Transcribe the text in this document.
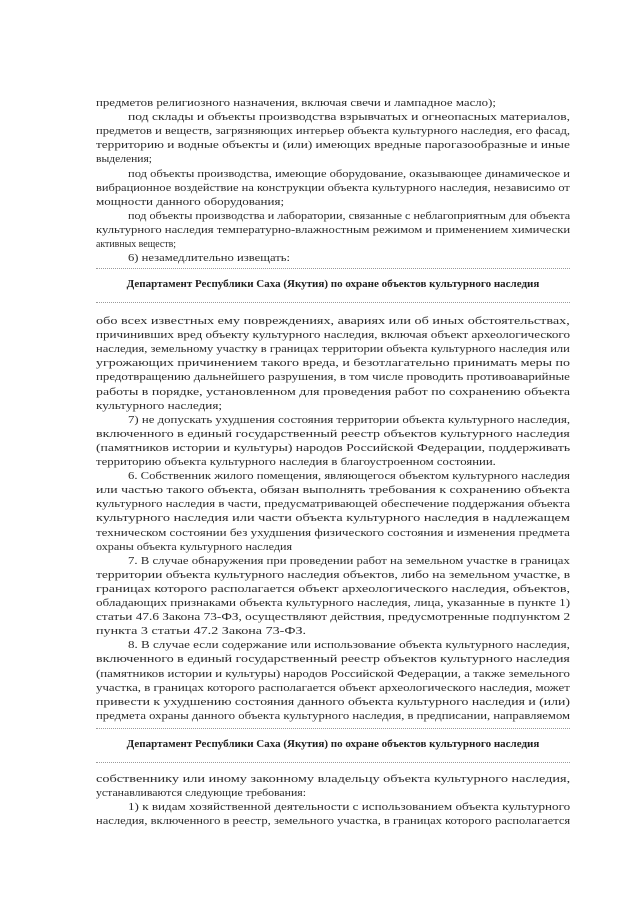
предметов религиозного назначения, включая свечи и лампадное масло);
под склады и объекты производства взрывчатых и огнеопасных материалов,
предметов и веществ, загрязняющих интерьер объекта культурного наследия, его фасад,
территорию и водные объекты и (или) имеющих вредные парогазообразные и иные
выделения;
под объекты производства, имеющие оборудование, оказывающее динамическое и
вибрационное воздействие на конструкции объекта культурного наследия, независимо от
мощности данного оборудования;
под объекты производства и лаборатории, связанные с неблагоприятным для объекта
культурного наследия температурно-влажностным режимом и применением химически
активных веществ;
6) незамедлительно извещать:
Департамент Республики Саха (Якутия) по охране объектов культурного наследия
обо всех известных ему повреждениях, авариях или об иных обстоятельствах,
причинивших вред объекту культурного наследия, включая объект археологического
наследия, земельному участку в границах территории объекта культурного наследия или
угрожающих причинением такого вреда, и безотлагательно принимать меры по
предотвращению дальнейшего разрушения, в том числе проводить противоаварийные
работы в порядке, установленном для проведения работ по сохранению объекта
культурного наследия;
7) не допускать ухудшения состояния территории объекта культурного наследия,
включенного в единый государственный реестр объектов культурного наследия
(памятников истории и культуры) народов Российской Федерации, поддерживать
территорию объекта культурного наследия в благоустроенном состоянии.
6. Собственник жилого помещения, являющегося объектом культурного наследия
или частью такого объекта, обязан выполнять требования к сохранению объекта
культурного наследия в части, предусматривающей обеспечение поддержания объекта
культурного наследия или части объекта культурного наследия в надлежащем
техническом состоянии без ухудшения физического состояния и изменения предмета
охраны объекта культурного наследия
7. В случае обнаружения при проведении работ на земельном участке в границах
территории объекта культурного наследия объектов, либо на земельном участке, в
границах которого располагается объект археологического наследия, объектов,
обладающих признаками объекта культурного наследия, лица, указанные в пункте 1)
статьи 47.6 Закона 73-ФЗ, осуществляют действия, предусмотренные подпунктом 2
пункта 3 статьи 47.2 Закона 73-ФЗ.
8. В случае если содержание или использование объекта культурного наследия,
включенного в единый государственный реестр объектов культурного наследия
(памятников истории и культуры) народов Российской Федерации, а также земельного
участка, в границах которого располагается объект археологического наследия, может
привести к ухудшению состояния данного объекта культурного наследия и (или)
предмета охраны данного объекта культурного наследия, в предписании, направляемом
Департамент Республики Саха (Якутия) по охране объектов культурного наследия
собственнику или иному законному владельцу объекта культурного наследия,
устанавливаются следующие требования:
1) к видам хозяйственной деятельности с использованием объекта культурного
наследия, включенного в реестр, земельного участка, в границах которого располагается
